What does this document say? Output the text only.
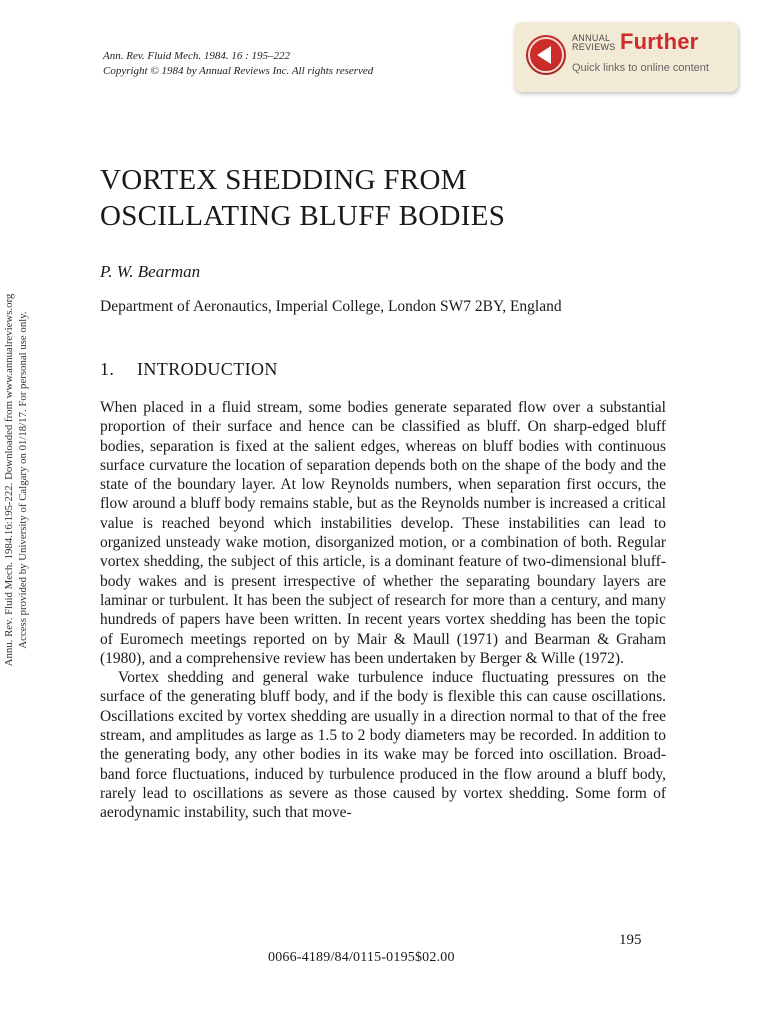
Ann. Rev. Fluid Mech. 1984. 16 : 195–222
Copyright © 1984 by Annual Reviews Inc. All rights reserved
ANNUAL
REVIEWS Further
Quick links to online content
VORTEX SHEDDING FROM
OSCILLATING BLUFF BODIES
P. W. Bearman
Department of Aeronautics, Imperial College, London SW7 2BY, England
1. INTRODUCTION

When placed in a fluid stream, some bodies generate separated flow over a substantial proportion of their surface and hence can be classified as bluff. On sharp-edged bluff bodies, separation is fixed at the salient edges, whereas on bluff bodies with continuous surface curvature the location of separation depends both on the shape of the body and the state of the boundary layer. At low Reynolds numbers, when separation first occurs, the flow around a bluff body remains stable, but as the Reynolds number is increased a critical value is reached beyond which instabilities develop. These instabilities can lead to organized unsteady wake motion, disorganized motion, or a combination of both. Regular vortex shedding, the subject of this article, is a dominant feature of two-dimensional bluff-body wakes and is present irrespective of whether the separating boundary layers are laminar or turbulent. It has been the subject of research for more than a century, and many hundreds of papers have been written. In recent years vortex shedding has been the topic of Euromech meetings reported on by Mair & Maull (1971) and Bearman & Graham (1980), and a comprehensive review has been undertaken by Berger & Wille (1972).

Vortex shedding and general wake turbulence induce fluctuating pressures on the surface of the generating bluff body, and if the body is flexible this can cause oscillations. Oscillations excited by vortex shedding are usually in a direction normal to that of the free stream, and amplitudes as large as 1.5 to 2 body diameters may be recorded. In addition to the generating body, any other bodies in its wake may be forced into oscillation. Broad-band force fluctuations, induced by turbulence produced in the flow around a bluff body, rarely lead to oscillations as severe as those caused by vortex shedding. Some form of aerodynamic instability, such that move-

195
0066-4189/84/0115-0195$02.00
Annu. Rev. Fluid Mech. 1984.16:195-222. Downloaded from www.annualreviews.org Access provided by University of Calgary on 01/18/17. For personal use only.
